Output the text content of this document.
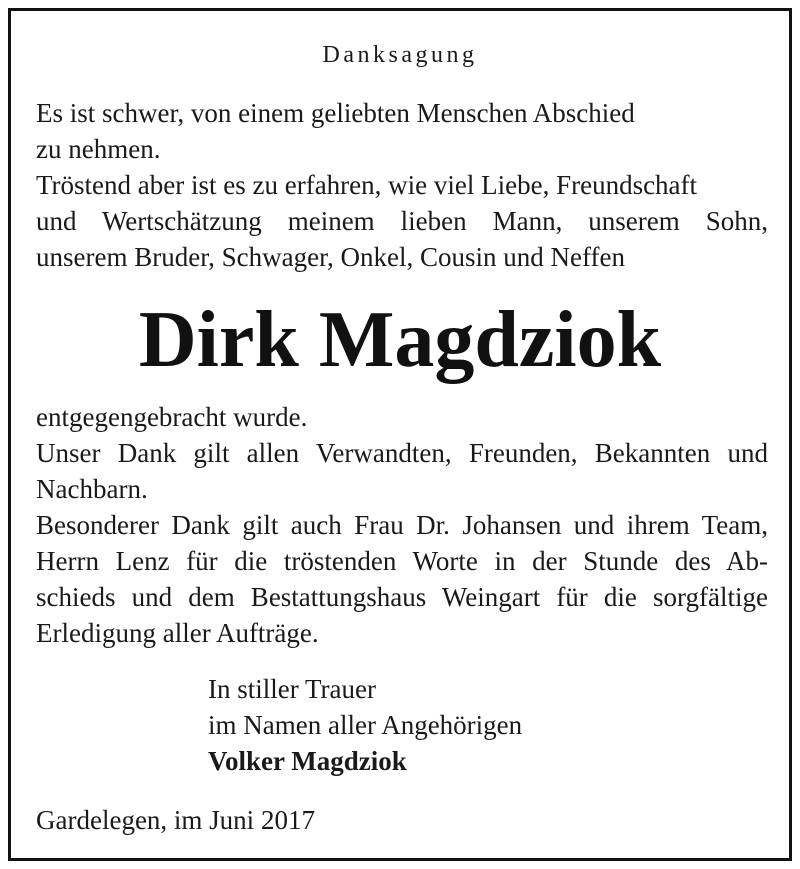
Danksagung
Es ist schwer, von einem geliebten Menschen Abschied
zu nehmen.
Tröstend aber ist es zu erfahren, wie viel Liebe, Freundschaft
und Wertschätzung meinem lieben Mann, unserem Sohn,
unserem Bruder, Schwager, Onkel, Cousin und Neffen
Dirk Magdziok
entgegengebracht wurde.
Unser Dank gilt allen Verwandten, Freunden, Bekannten und
Nachbarn.
Besonderer Dank gilt auch Frau Dr. Johansen und ihrem Team,
Herrn Lenz für die tröstenden Worte in der Stunde des Ab-
schieds und dem Bestattungshaus Weingart für die sorgfältige
Erledigung aller Aufträge.
In stiller Trauer
im Namen aller Angehörigen
Volker Magdziok
Gardelegen, im Juni 2017
